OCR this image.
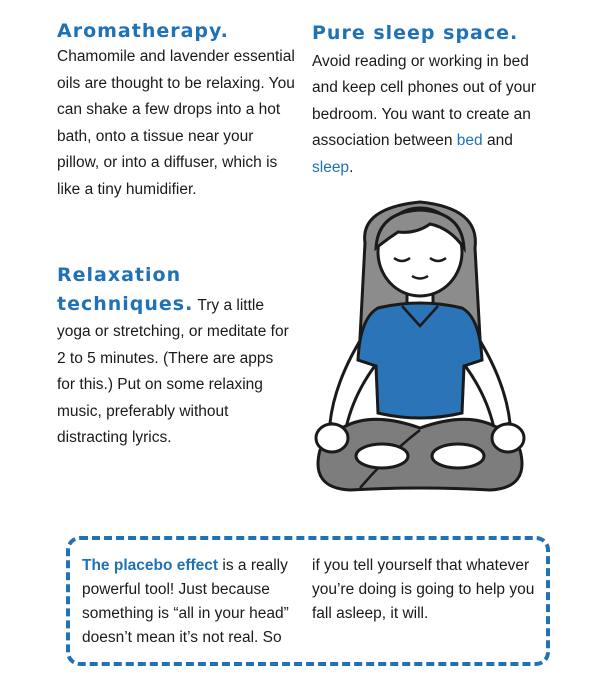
Aromatherapy.
Chamomile and lavender essential oils are thought to be relaxing. You can shake a few drops into a hot bath, onto a tissue near your pillow, or into a diffuser, which is like a tiny humidifier.
Pure sleep space. Avoid reading or working in bed and keep cell phones out of your bedroom. You want to create an association between bed and sleep.
Relaxation techniques. Try a little yoga or stretching, or meditate for 2 to 5 minutes. (There are apps for this.) Put on some relaxing music, preferably without distracting lyrics.
The placebo effect is a really powerful tool! Just because something is “all in your head” doesn’t mean it’s not real. So
if you tell yourself that whatever you’re doing is going to help you fall asleep, it will.
